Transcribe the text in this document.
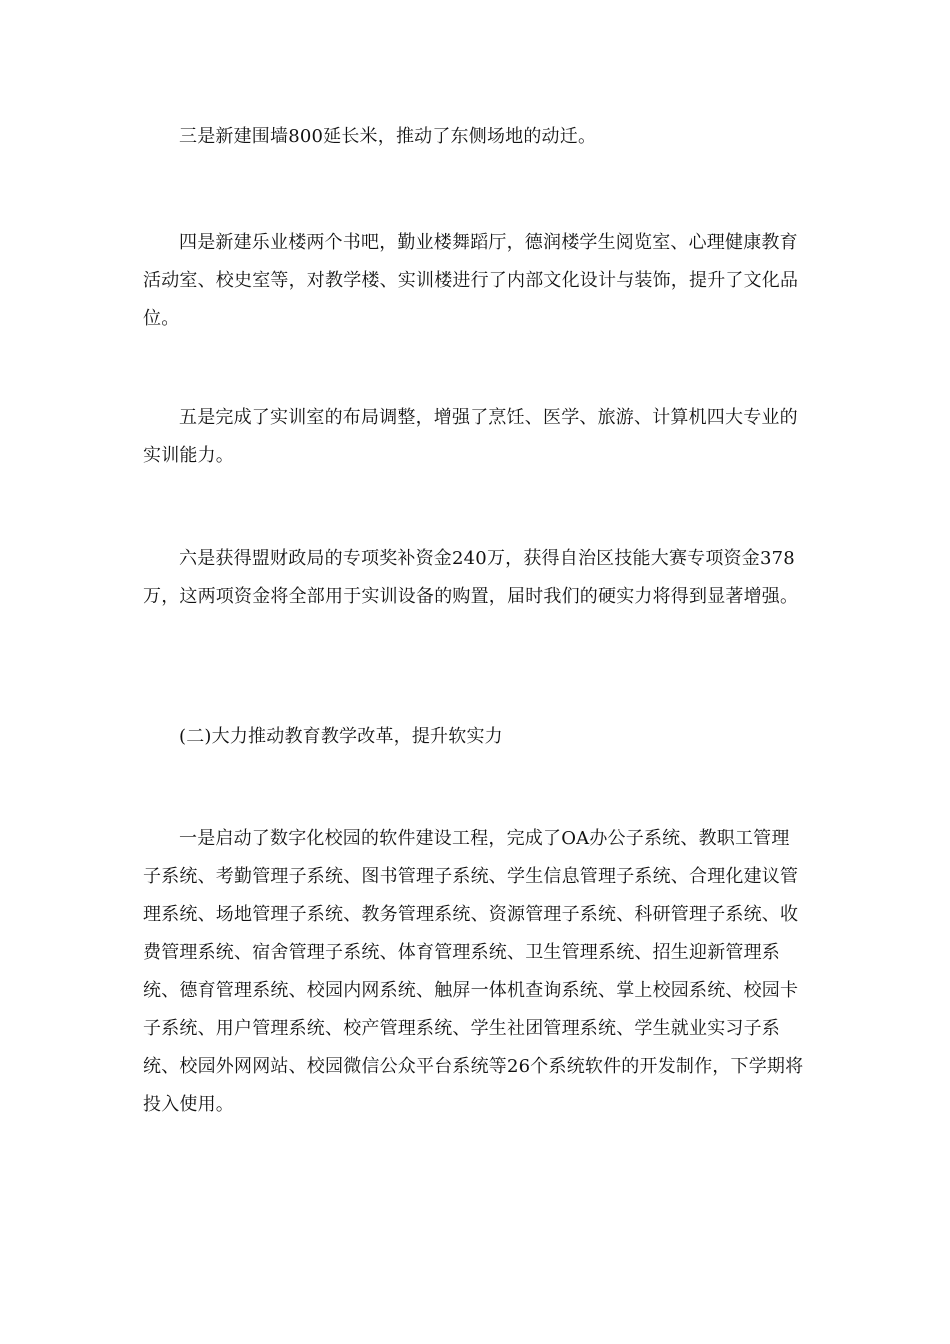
三是新建围墙800延长米，推动了东侧场地的动迁。

四是新建乐业楼两个书吧，勤业楼舞蹈厅，德润楼学生阅览室、心理健康教育活动室、校史室等，对教学楼、实训楼进行了内部文化设计与装饰，提升了文化品位。

五是完成了实训室的布局调整，增强了烹饪、医学、旅游、计算机四大专业的实训能力。

六是获得盟财政局的专项奖补资金240万，获得自治区技能大赛专项资金378万，这两项资金将全部用于实训设备的购置，届时我们的硬实力将得到显著增强。

(二)大力推动教育教学改革，提升软实力

一是启动了数字化校园的软件建设工程，完成了OA办公子系统、教职工管理子系统、考勤管理子系统、图书管理子系统、学生信息管理子系统、合理化建议管理系统、场地管理子系统、教务管理系统、资源管理子系统、科研管理子系统、收费管理系统、宿舍管理子系统、体育管理系统、卫生管理系统、招生迎新管理系统、德育管理系统、校园内网系统、触屏一体机查询系统、掌上校园系统、校园卡子系统、用户管理系统、校产管理系统、学生社团管理系统、学生就业实习子系统、校园外网网站、校园微信公众平台系统等26个系统软件的开发制作，下学期将投入使用。
